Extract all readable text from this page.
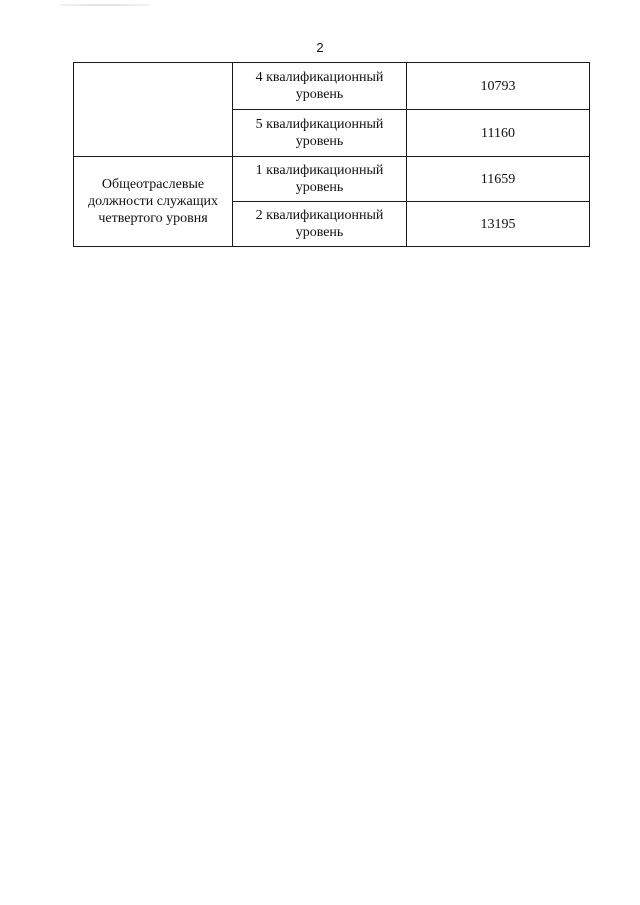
2
	4 квалификационный уровень	10793
	5 квалификационный уровень	11160
Общеотраслевые должности служащих четвертого уровня	1 квалификационный уровень	11659
	2 квалификационный уровень	13195
